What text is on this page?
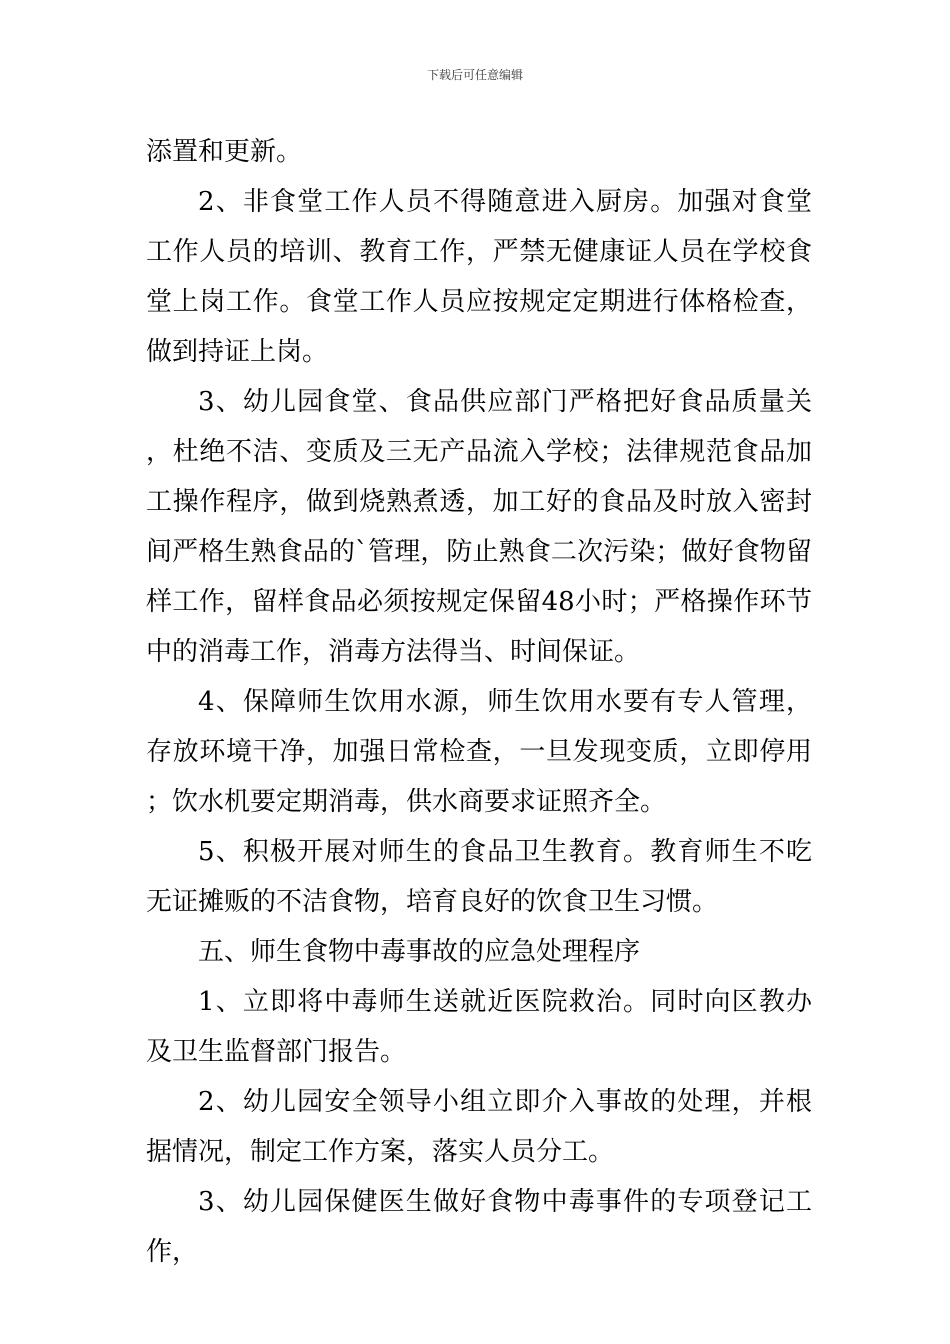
下载后可任意编辑

添置和更新。

2、非食堂工作人员不得随意进入厨房。加强对食堂工作人员的培训、教育工作，严禁无健康证人员在学校食堂上岗工作。食堂工作人员应按规定定期进行体格检查，做到持证上岗。

3、幼儿园食堂、食品供应部门严格把好食品质量关，杜绝不洁、变质及三无产品流入学校；法律规范食品加工操作程序，做到烧熟煮透，加工好的食品及时放入密封间严格生熟食品的`管理，防止熟食二次污染；做好食物留样工作，留样食品必须按规定保留48小时；严格操作环节中的消毒工作，消毒方法得当、时间保证。

4、保障师生饮用水源，师生饮用水要有专人管理，存放环境干净，加强日常检查，一旦发现变质，立即停用；饮水机要定期消毒，供水商要求证照齐全。

5、积极开展对师生的食品卫生教育。教育师生不吃无证摊贩的不洁食物，培育良好的饮食卫生习惯。

五、师生食物中毒事故的应急处理程序

1、立即将中毒师生送就近医院救治。同时向区教办及卫生监督部门报告。

2、幼儿园安全领导小组立即介入事故的处理，并根据情况，制定工作方案，落实人员分工。

3、幼儿园保健医生做好食物中毒事件的专项登记工作，
